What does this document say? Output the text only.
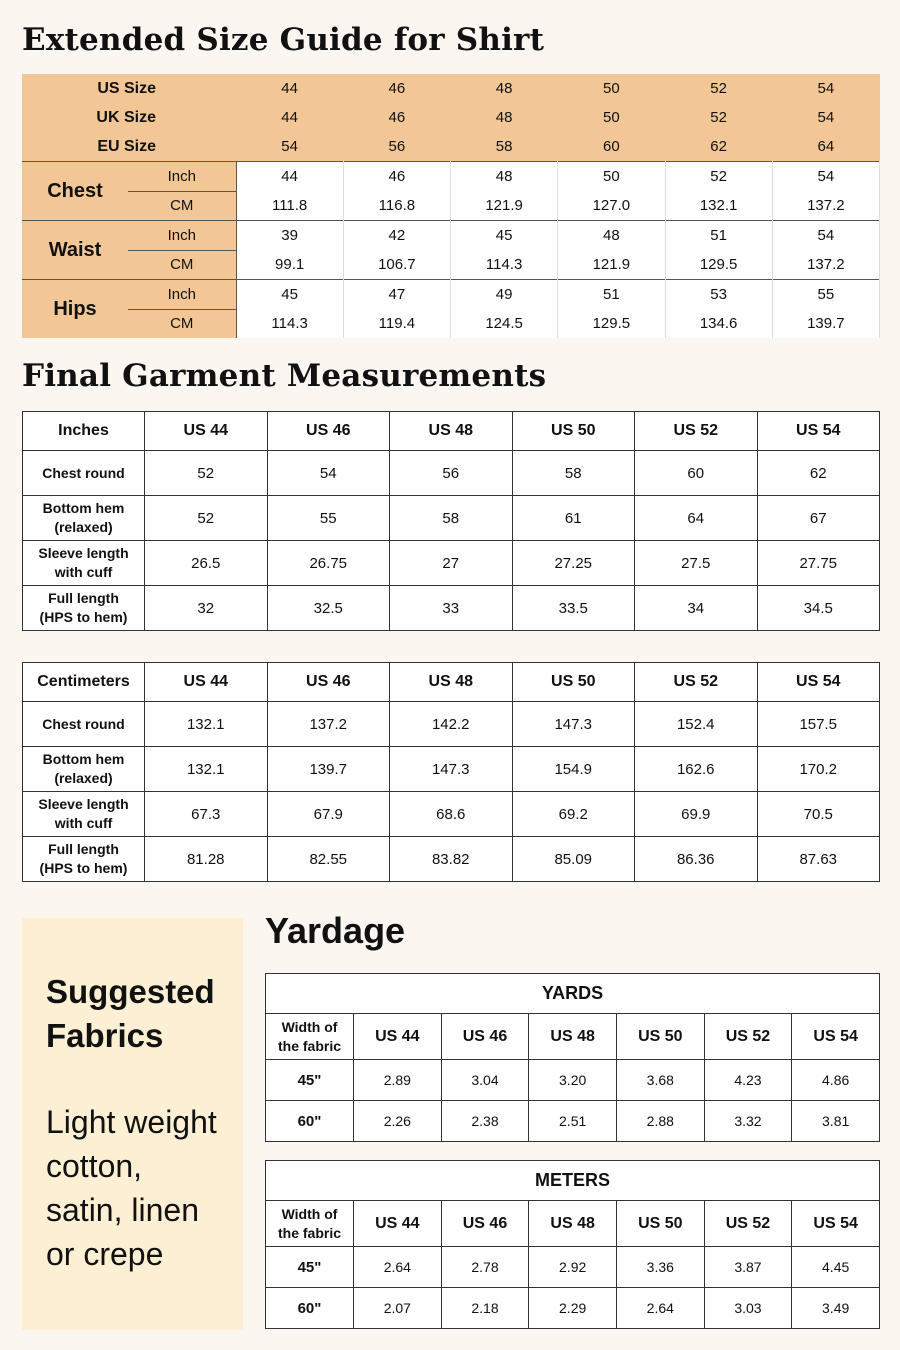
Extended Size Guide for Shirt
US Size		44	46	48	50	52	54
UK Size		44	46	48	50	52	54
EU Size		54	56	58	60	62	64
Chest	Inch	44	46	48	50	52	54
	CM	111.8	116.8	121.9	127.0	132.1	137.2
Waist	Inch	39	42	45	48	51	54
	CM	99.1	106.7	114.3	121.9	129.5	137.2
Hips	Inch	45	47	49	51	53	55
	CM	114.3	119.4	124.5	129.5	134.6	139.7
Final Garment Measurements
Inches	US 44	US 46	US 48	US 50	US 52	US 54
Chest round	52	54	56	58	60	62
Bottom hem
(relaxed)	52	55	58	61	64	67
Sleeve length
with cuff	26.5	26.75	27	27.25	27.5	27.75
Full length
(HPS to hem)	32	32.5	33	33.5	34	34.5
Centimeters	US 44	US 46	US 48	US 50	US 52	US 54
Chest round	132.1	137.2	142.2	147.3	152.4	157.5
Bottom hem
(relaxed)	132.1	139.7	147.3	154.9	162.6	170.2
Sleeve length
with cuff	67.3	67.9	68.6	69.2	69.9	70.5
Full length
(HPS to hem)	81.28	82.55	83.82	85.09	86.36	87.63

Suggested
Fabrics

Light weight
cotton,
satin, linen
or crepe

Yardage
YARDS						
Width of
the fabric	US 44	US 46	US 48	US 50	US 52	US 54
45"	2.89	3.04	3.20	3.68	4.23	4.86
60"	2.26	2.38	2.51	2.88	3.32	3.81
METERS						
Width of
the fabric	US 44	US 46	US 48	US 50	US 52	US 54
45"	2.64	2.78	2.92	3.36	3.87	4.45
60"	2.07	2.18	2.29	2.64	3.03	3.49
